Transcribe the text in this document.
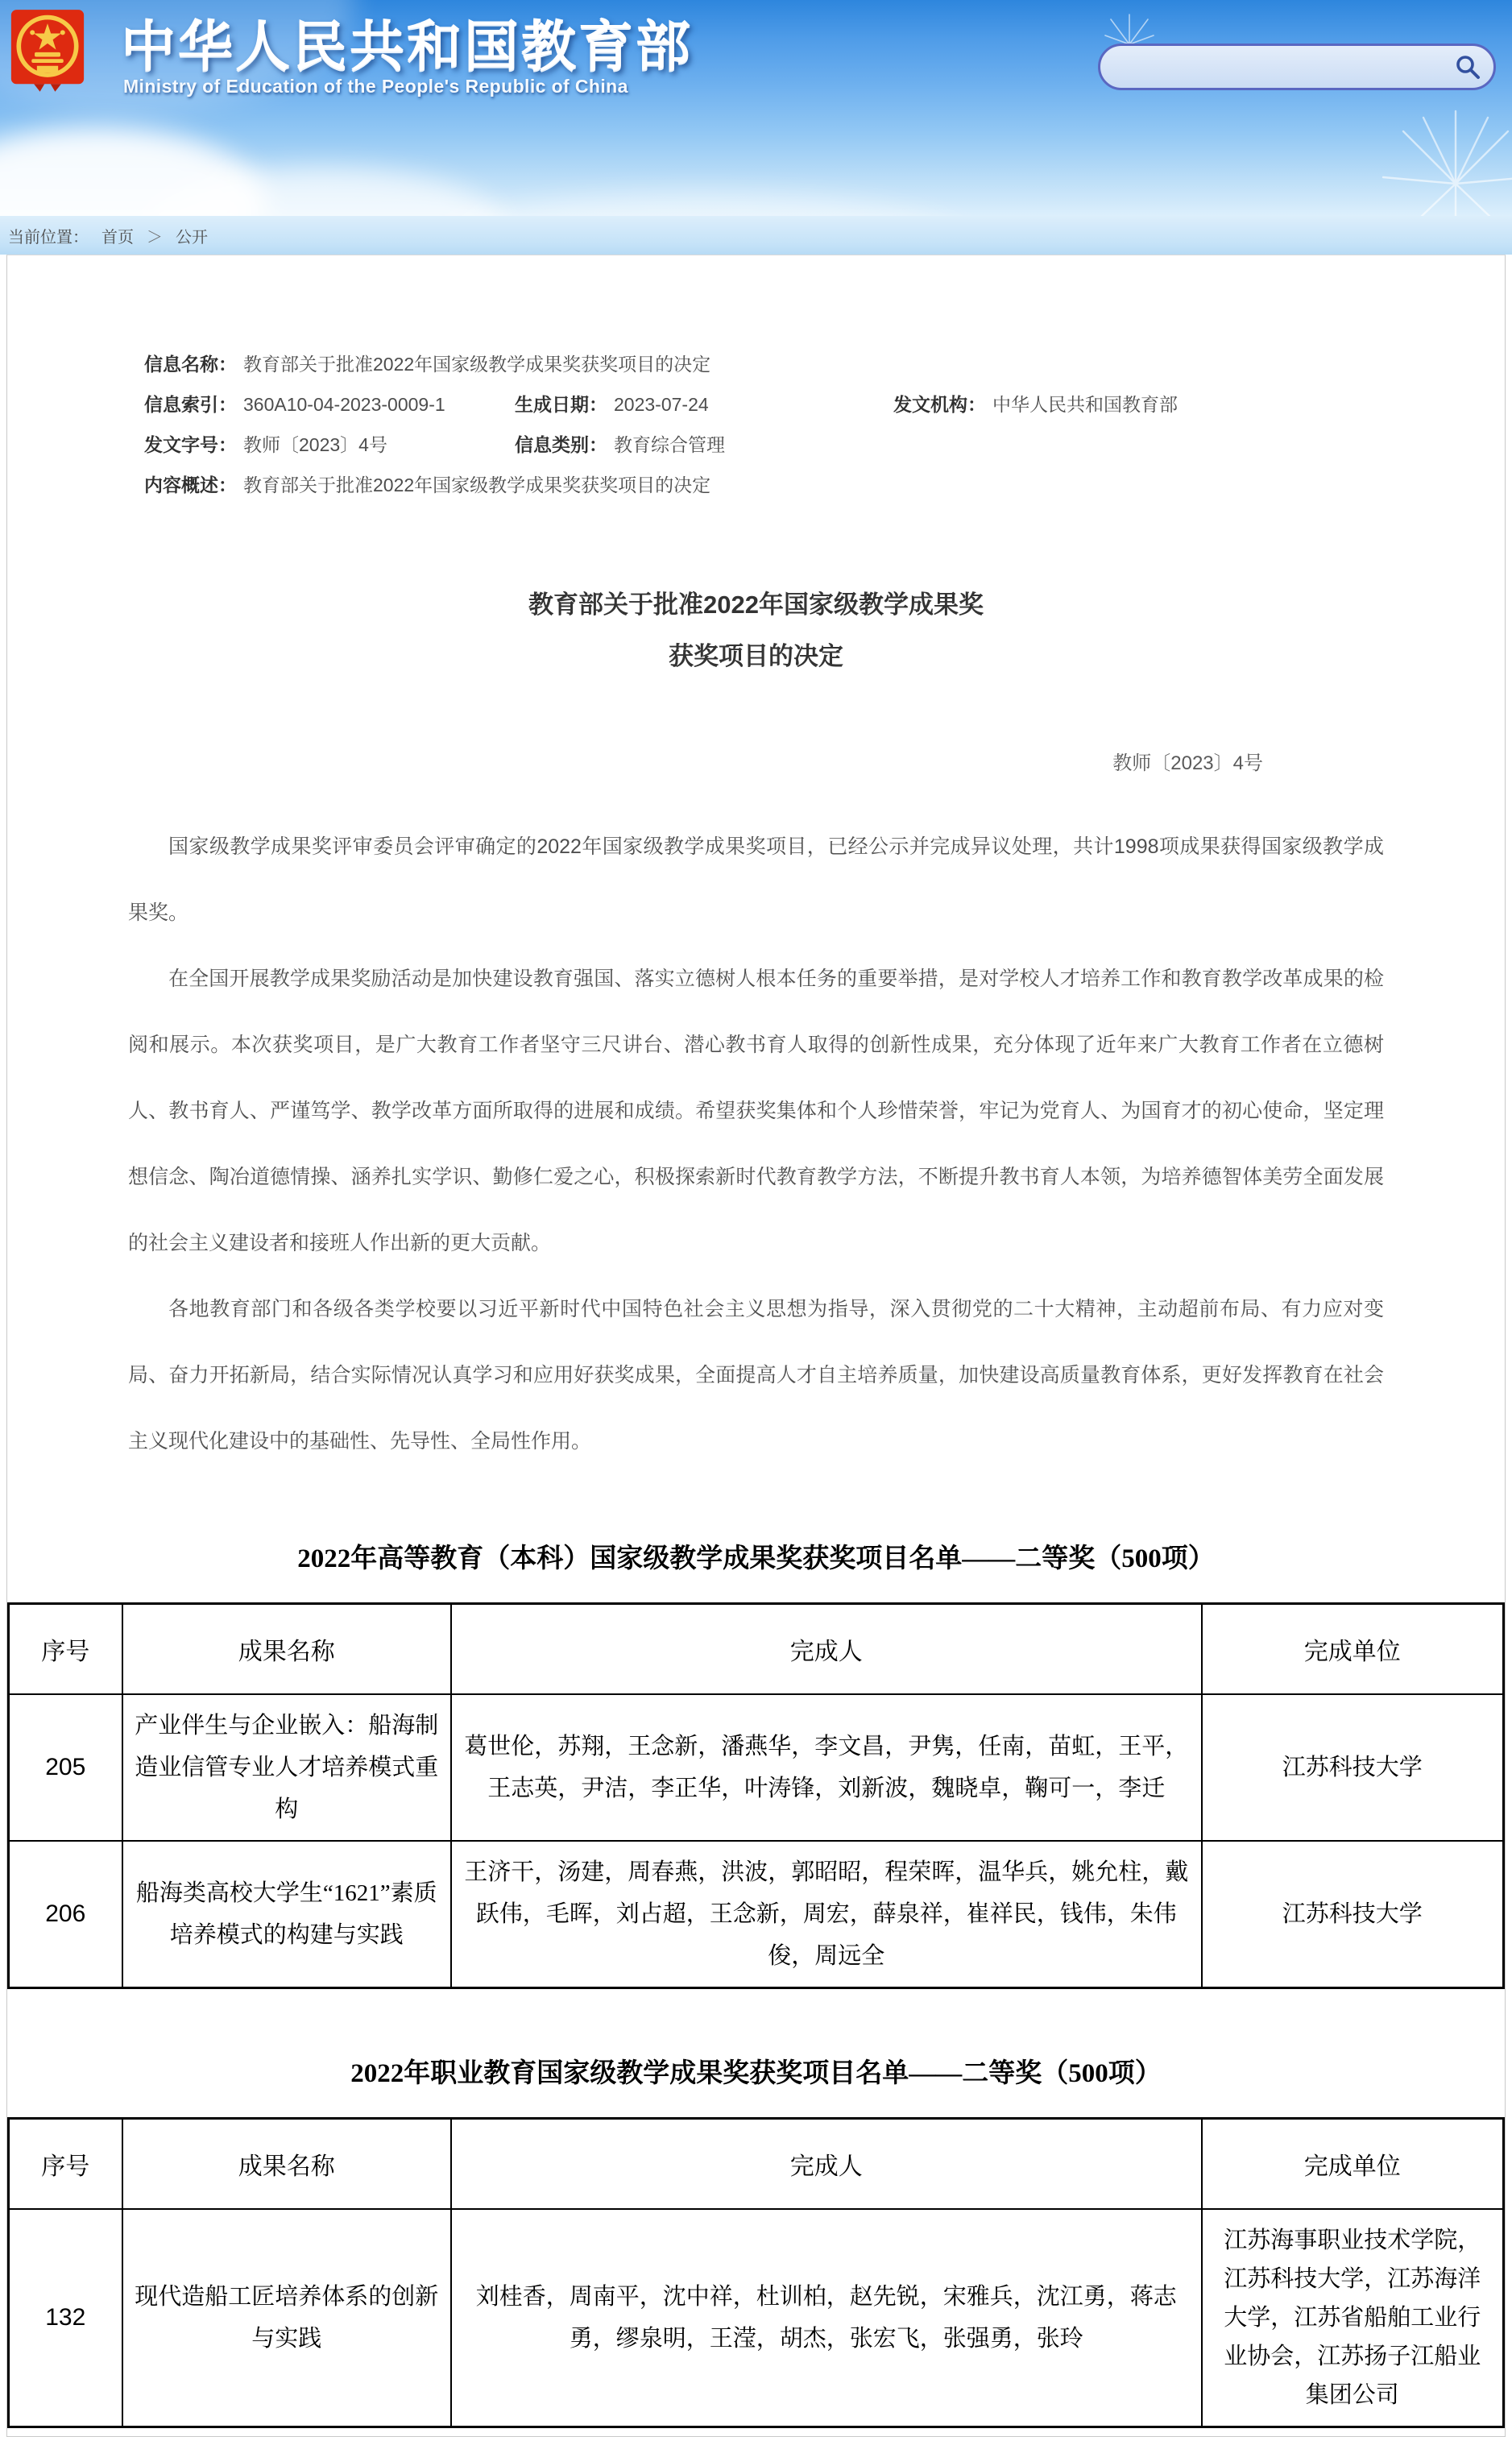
中华人民共和国教育部
Ministry of Education of the People's Republic of China
当前位置： 首页 ＞ 公开
信息名称： 教育部关于批准2022年国家级教学成果奖获奖项目的决定
信息索引： 360A10-04-2023-0009-1	生成日期： 2023-07-24	发文机构： 中华人民共和国教育部
发文字号： 教师〔2023〕4号	信息类别： 教育综合管理
内容概述： 教育部关于批准2022年国家级教学成果奖获奖项目的决定
教育部关于批准2022年国家级教学成果奖
获奖项目的决定
教师〔2023〕4号

国家级教学成果奖评审委员会评审确定的2022年国家级教学成果奖项目，已经公示并完成异议处理，共计1998项成果获得国家级教学成果奖。

在全国开展教学成果奖励活动是加快建设教育强国、落实立德树人根本任务的重要举措，是对学校人才培养工作和教育教学改革成果的检阅和展示。本次获奖项目，是广大教育工作者坚守三尺讲台、潜心教书育人取得的创新性成果，充分体现了近年来广大教育工作者在立德树人、教书育人、严谨笃学、教学改革方面所取得的进展和成绩。希望获奖集体和个人珍惜荣誉，牢记为党育人、为国育才的初心使命，坚定理想信念、陶冶道德情操、涵养扎实学识、勤修仁爱之心，积极探索新时代教育教学方法，不断提升教书育人本领，为培养德智体美劳全面发展的社会主义建设者和接班人作出新的更大贡献。

各地教育部门和各级各类学校要以习近平新时代中国特色社会主义思想为指导，深入贯彻党的二十大精神，主动超前布局、有力应对变局、奋力开拓新局，结合实际情况认真学习和应用好获奖成果，全面提高人才自主培养质量，加快建设高质量教育体系，更好发挥教育在社会主义现代化建设中的基础性、先导性、全局性作用。

2022年高等教育（本科）国家级教学成果奖获奖项目名单——二等奖（500项）
序号	成果名称	完成人	完成单位
205	产业伴生与企业嵌入：船海制造业信管专业人才培养模式重构	葛世伦，苏翔，王念新，潘燕华，李文昌，尹隽，任南，苗虹，王平，王志英，尹洁，李正华，叶涛锋，刘新波，魏晓卓，鞠可一，李迁	江苏科技大学
206	船海类高校大学生“1621”素质培养模式的构建与实践	王济干，汤建，周春燕，洪波，郭昭昭，程荣晖，温华兵，姚允柱，戴跃伟，毛晖，刘占超，王念新，周宏，薛泉祥，崔祥民，钱伟，朱伟俊，周远全	江苏科技大学
2022年职业教育国家级教学成果奖获奖项目名单——二等奖（500项）
序号	成果名称	完成人	完成单位
132	现代造船工匠培养体系的创新与实践	刘桂香，周南平，沈中祥，杜训柏，赵先锐，宋雅兵，沈江勇，蒋志勇，缪泉明，王滢，胡杰，张宏飞，张强勇，张玲	江苏海事职业技术学院，江苏科技大学，江苏海洋大学，江苏省船舶工业行业协会，江苏扬子江船业集团公司
